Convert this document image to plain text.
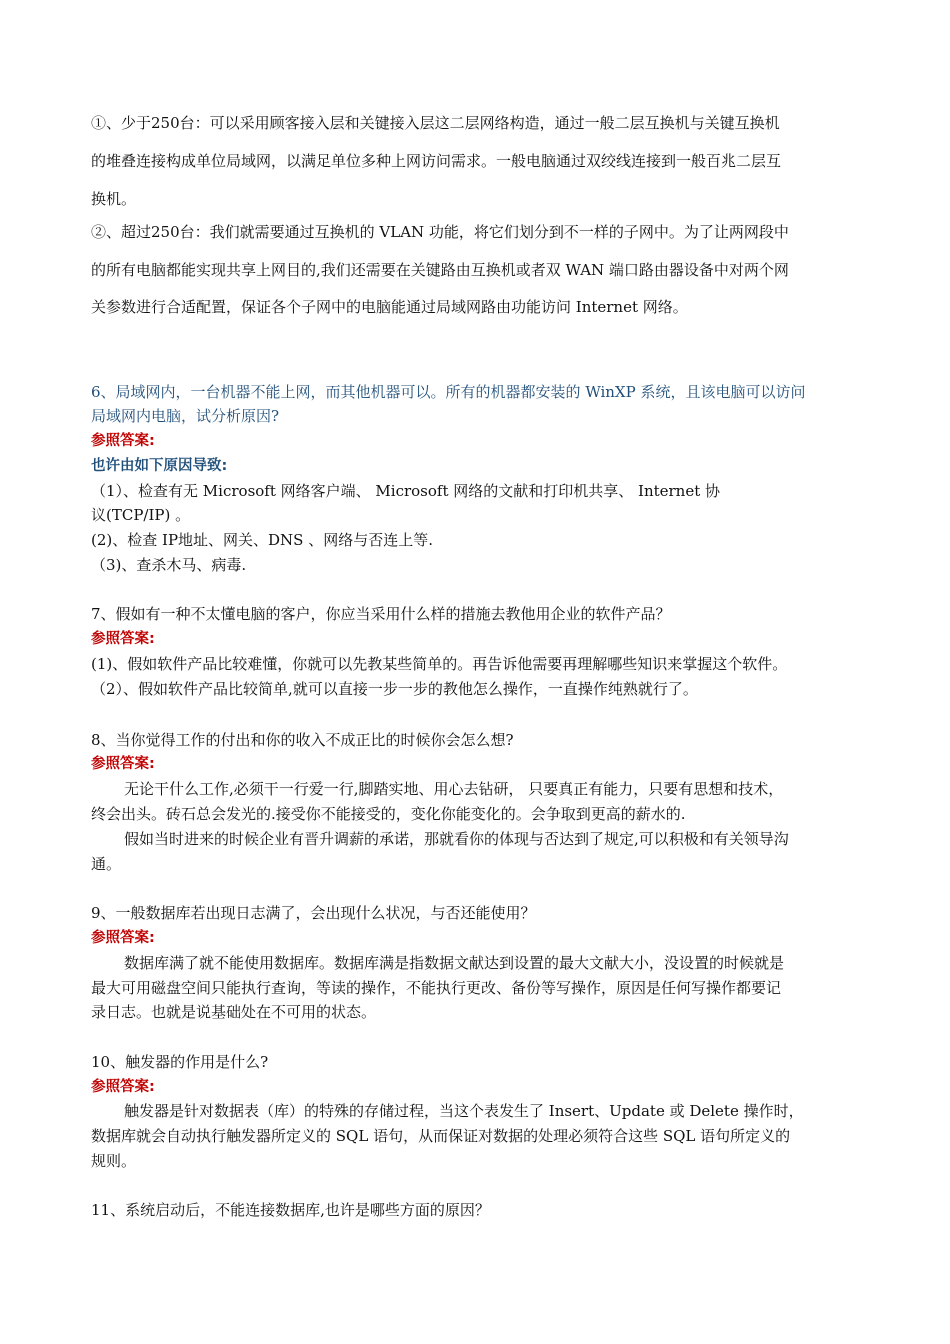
①、少于250台：可以采用顾客接入层和关键接入层这二层网络构造，通过一般二层互换机与关键互换机
的堆叠连接构成单位局域网，以满足单位多种上网访问需求。一般电脑通过双绞线连接到一般百兆二层互
换机。
②、超过250台：我们就需要通过互换机的 VLAN 功能，将它们划分到不一样的子网中。为了让两网段中
的所有电脑都能实现共享上网目的,我们还需要在关键路由互换机或者双 WAN 端口路由器设备中对两个网
关参数进行合适配置，保证各个子网中的电脑能通过局域网路由功能访问 Internet 网络。
6、局域网内，一台机器不能上网，而其他机器可以。所有的机器都安装的 WinXP 系统，且该电脑可以访问
局域网内电脑，试分析原因?
参照答案:
也许由如下原因导致:
（1）、检查有无 Microsoft 网络客户端、 Microsoft 网络的文献和打印机共享、 Internet 协
议(TCP/IP) 。
(2)、检查 IP地址、网关、DNS 、网络与否连上等.
（3)、查杀木马、病毒.
7、假如有一种不太懂电脑的客户，你应当采用什么样的措施去教他用企业的软件产品？
参照答案:
(1)、假如软件产品比较难懂，你就可以先教某些简单的。再告诉他需要再理解哪些知识来掌握这个软件。
（2）、假如软件产品比较简单,就可以直接一步一步的教他怎么操作，一直操作纯熟就行了。
8、当你觉得工作的付出和你的收入不成正比的时候你会怎么想?
参照答案:
无论干什么工作,必须干一行爱一行,脚踏实地、用心去钻研， 只要真正有能力，只要有思想和技术，
终会出头。砖石总会发光的.接受你不能接受的，变化你能变化的。会争取到更高的薪水的.
假如当时进来的时候企业有晋升调薪的承诺，那就看你的体现与否达到了规定,可以积极和有关领导沟
通。
9、一般数据库若出现日志满了，会出现什么状况，与否还能使用？
参照答案:
数据库满了就不能使用数据库。数据库满是指数据文献达到设置的最大文献大小，没设置的时候就是
最大可用磁盘空间只能执行查询，等读的操作，不能执行更改、备份等写操作，原因是任何写操作都要记
录日志。也就是说基础处在不可用的状态。
10、触发器的作用是什么?
参照答案:
触发器是针对数据表（库）的特殊的存储过程，当这个表发生了 Insert、Update 或 Delete 操作时，
数据库就会自动执行触发器所定义的 SQL 语句，从而保证对数据的处理必须符合这些 SQL 语句所定义的
规则。
11、系统启动后，不能连接数据库,也许是哪些方面的原因？
